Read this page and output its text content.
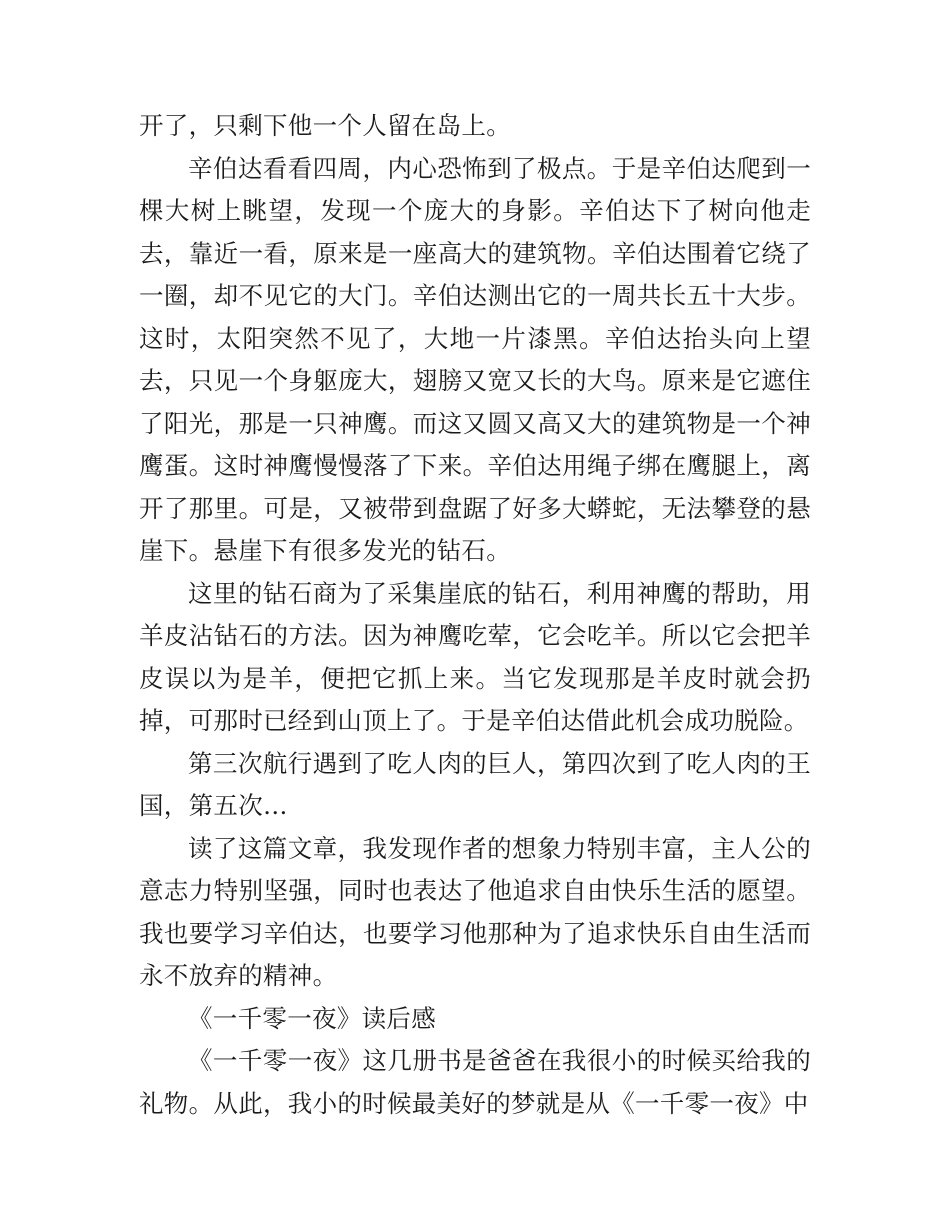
开了，只剩下他一个人留在岛上。

辛伯达看看四周，内心恐怖到了极点。于是辛伯达爬到一棵大树上眺望，发现一个庞大的身影。辛伯达下了树向他走去，靠近一看，原来是一座高大的建筑物。辛伯达围着它绕了一圈，却不见它的大门。辛伯达测出它的一周共长五十大步。这时，太阳突然不见了，大地一片漆黑。辛伯达抬头向上望去，只见一个身躯庞大，翅膀又宽又长的大鸟。原来是它遮住了阳光，那是一只神鹰。而这又圆又高又大的建筑物是一个神鹰蛋。这时神鹰慢慢落了下来。辛伯达用绳子绑在鹰腿上，离开了那里。可是，又被带到盘踞了好多大蟒蛇，无法攀登的悬崖下。悬崖下有很多发光的钻石。

这里的钻石商为了采集崖底的钻石，利用神鹰的帮助，用羊皮沾钻石的方法。因为神鹰吃荤，它会吃羊。所以它会把羊皮误以为是羊，便把它抓上来。当它发现那是羊皮时就会扔掉，可那时已经到山顶上了。于是辛伯达借此机会成功脱险。

第三次航行遇到了吃人肉的巨人，第四次到了吃人肉的王国，第五次…

读了这篇文章，我发现作者的想象力特别丰富，主人公的意志力特别坚强，同时也表达了他追求自由快乐生活的愿望。我也要学习辛伯达，也要学习他那种为了追求快乐自由生活而永不放弃的精神。

《一千零一夜》读后感

《一千零一夜》这几册书是爸爸在我很小的时候买给我的礼物。从此，我小的时候最美好的梦就是从《一千零一夜》中
